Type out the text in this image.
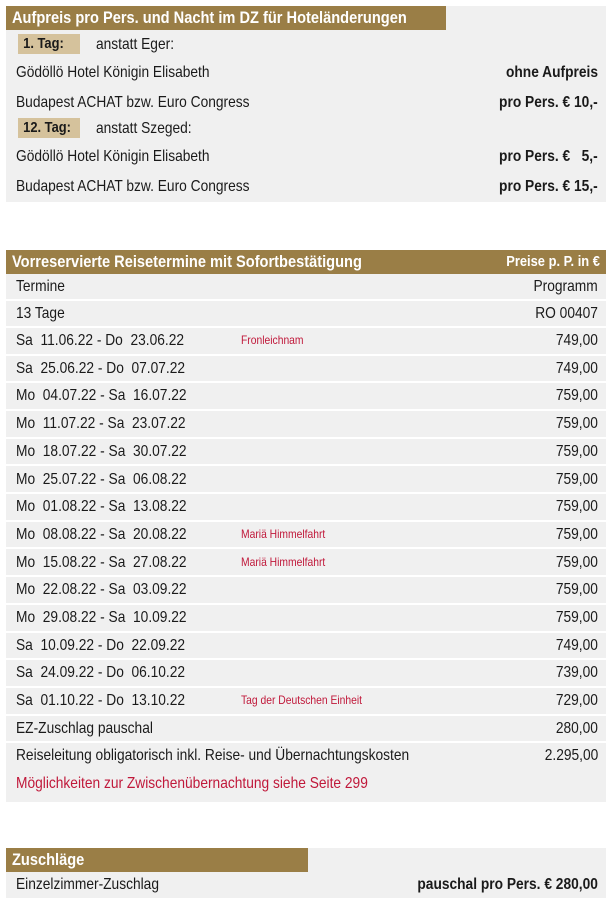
Aufpreis pro Pers. und Nacht im DZ für Hoteländerungen
1. Tag:	anstatt Eger:
Gödöllö Hotel Königin Elisabeth	ohne Aufpreis
Budapest ACHAT bzw. Euro Congress	pro Pers. € 10,-
12. Tag:	anstatt Szeged:
Gödöllö Hotel Königin Elisabeth	pro Pers. €   5,-
Budapest ACHAT bzw. Euro Congress	pro Pers. € 15,-
Vorreservierte Reisetermine mit Sofortbestätigung	Preise p. P. in €
Termine	Programm
13 Tage	RO 00407
Sa  11.06.22 - Do  23.06.22	Fronleichnam	749,00
Sa  25.06.22 - Do  07.07.22	749,00
Mo  04.07.22 - Sa  16.07.22	759,00
Mo  11.07.22 - Sa  23.07.22	759,00
Mo  18.07.22 - Sa  30.07.22	759,00
Mo  25.07.22 - Sa  06.08.22	759,00
Mo  01.08.22 - Sa  13.08.22	759,00
Mo  08.08.22 - Sa  20.08.22	Mariä Himmelfahrt	759,00
Mo  15.08.22 - Sa  27.08.22	Mariä Himmelfahrt	759,00
Mo  22.08.22 - Sa  03.09.22	759,00
Mo  29.08.22 - Sa  10.09.22	759,00
Sa  10.09.22 - Do  22.09.22	749,00
Sa  24.09.22 - Do  06.10.22	739,00
Sa  01.10.22 - Do  13.10.22	Tag der Deutschen Einheit	729,00
EZ-Zuschlag pauschal	280,00
Reiseleitung obligatorisch inkl. Reise- und Übernachtungskosten	2.295,00
Möglichkeiten zur Zwischenübernachtung siehe Seite 299
Zuschläge
Einzelzimmer-Zuschlag	pauschal pro Pers. € 280,00
